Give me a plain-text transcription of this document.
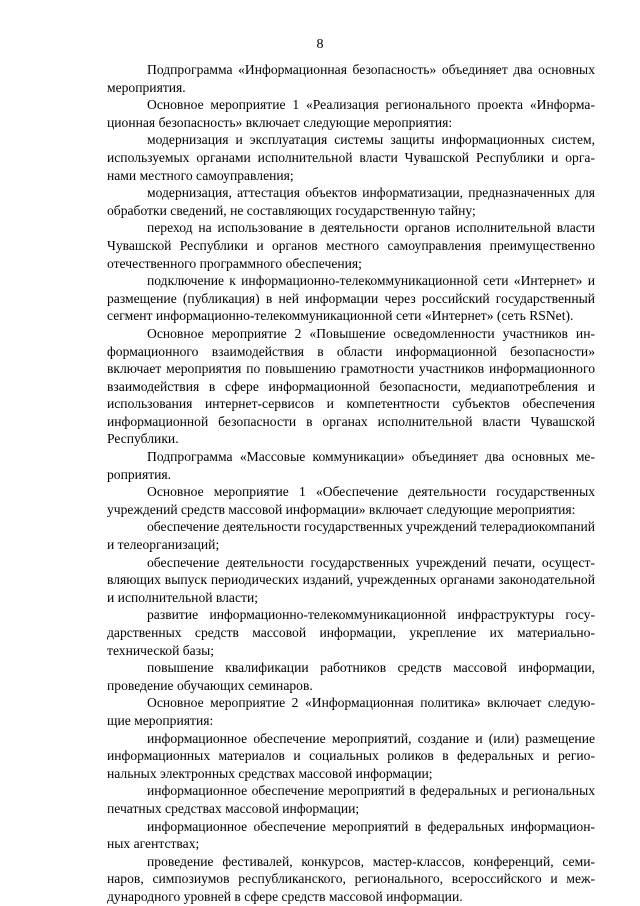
8

Подпрограмма «Информационная безопасность» объединяет два основных мероприятия.

Основное мероприятие 1 «Реализация регионального проекта «Информационная безопасность» включает следующие мероприятия:

модернизация и эксплуатация системы защиты информационных систем, используемых органами исполнительной власти Чувашской Республики и органами местного самоуправления;

модернизация, аттестация объектов информатизации, предназначенных для обработки сведений, не составляющих государственную тайну;

переход на использование в деятельности органов исполнительной власти Чувашской Республики и органов местного самоуправления преимущественно отечественного программного обеспечения;

подключение к информационно-телекоммуникационной сети «Интернет» и размещение (публикация) в ней информации через российский государственный сегмент информационно-телекоммуникационной сети «Интернет» (сеть RSNet).

Основное мероприятие 2 «Повышение осведомленности участников информационного взаимодействия в области информационной безопасности» включает мероприятия по повышению грамотности участников информационного взаимодействия в сфере информационной безопасности, медиапотребления и использования интернет-сервисов и компетентности субъектов обеспечения информационной безопасности в органах исполнительной власти Чувашской Республики.

Подпрограмма «Массовые коммуникации» объединяет два основных мероприятия.

Основное мероприятие 1 «Обеспечение деятельности государственных учреждений средств массовой информации» включает следующие мероприятия:

обеспечение деятельности государственных учреждений телерадиокомпаний и телеорганизаций;

обеспечение деятельности государственных учреждений печати, осуществляющих выпуск периодических изданий, учрежденных органами законодательной и исполнительной власти;

развитие информационно-телекоммуникационной инфраструктуры государственных средств массовой информации, укрепление их материально-технической базы;

повышение квалификации работников средств массовой информации, проведение обучающих семинаров.

Основное мероприятие 2 «Информационная политика» включает следующие мероприятия:

информационное обеспечение мероприятий, создание и (или) размещение информационных материалов и социальных роликов в федеральных и региональных электронных средствах массовой информации;

информационное обеспечение мероприятий в федеральных и региональных печатных средствах массовой информации;

информационное обеспечение мероприятий в федеральных информационных агентствах;

проведение фестивалей, конкурсов, мастер-классов, конференций, семинаров, симпозиумов республиканского, регионального, всероссийского и международного уровней в сфере средств массовой информации.
